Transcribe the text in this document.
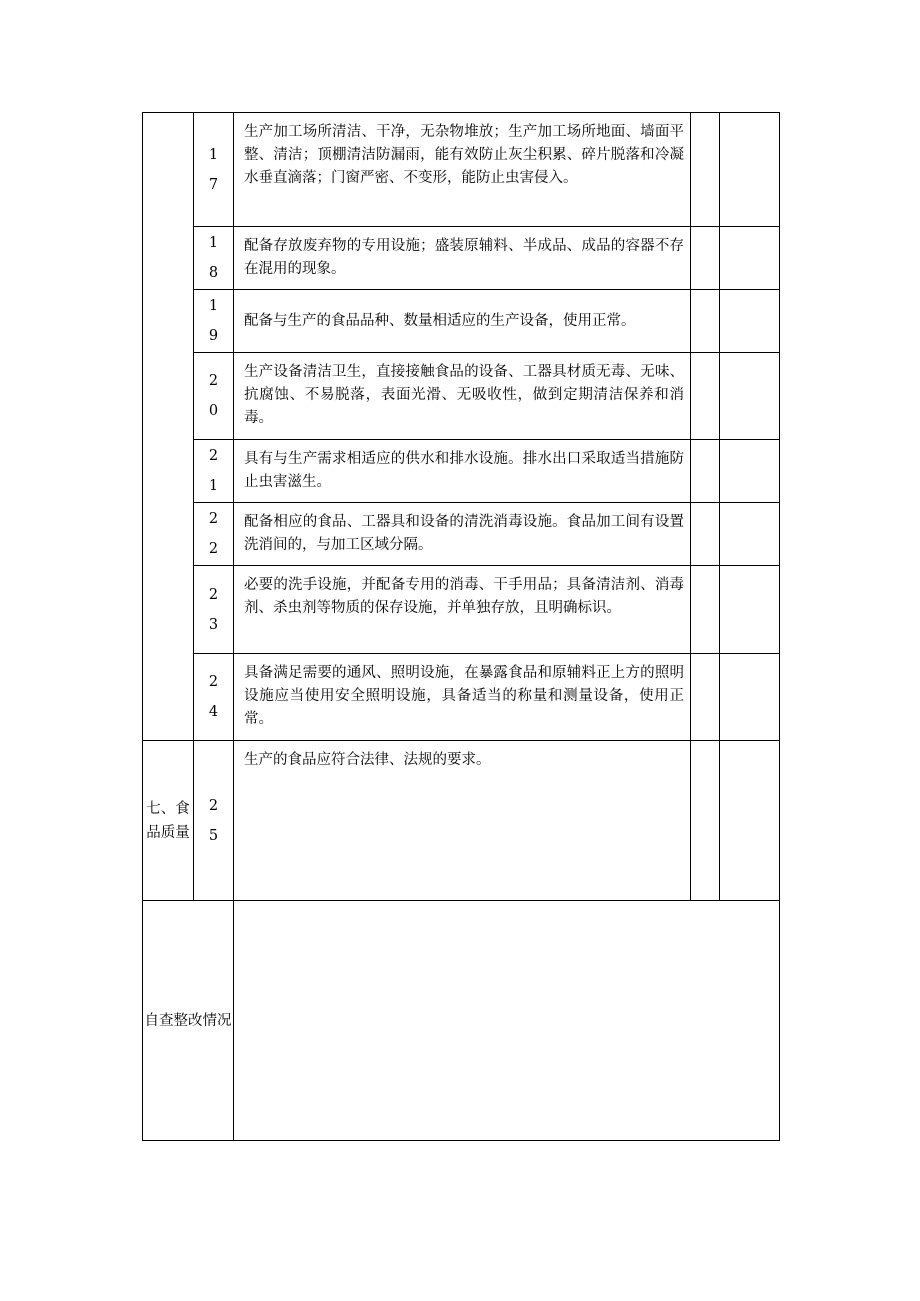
	17	生产加工场所清洁、干净，无杂物堆放；生产加工场所地面、墙面平整、清洁；顶棚清洁防漏雨，能有效防止灰尘积累、碎片脱落和冷凝水垂直滴落；门窗严密、不变形，能防止虫害侵入。		

	18	配备存放废弃物的专用设施；盛装原辅料、半成品、成品的容器不存在混用的现象。		

	19	配备与生产的食品品种、数量相适应的生产设备，使用正常。		

	20	生产设备清洁卫生，直接接触食品的设备、工器具材质无毒、无味、抗腐蚀、不易脱落，表面光滑、无吸收性，做到定期清洁保养和消毒。		

	21	具有与生产需求相适应的供水和排水设施。排水出口采取适当措施防止虫害滋生。		

	22	配备相应的食品、工器具和设备的清洗消毒设施。食品加工间有设置洗消间的，与加工区域分隔。		

	23	必要的洗手设施，并配备专用的消毒、干手用品；具备清洁剂、消毒剂、杀虫剂等物质的保存设施，并单独存放，且明确标识。		

	24	具备满足需要的通风、照明设施，在暴露食品和原辅料正上方的照明设施应当使用安全照明设施，具备适当的称量和测量设备，使用正常。		

七、食品质量	25	生产的食品应符合法律、法规的要求。		

自查整改情况				
